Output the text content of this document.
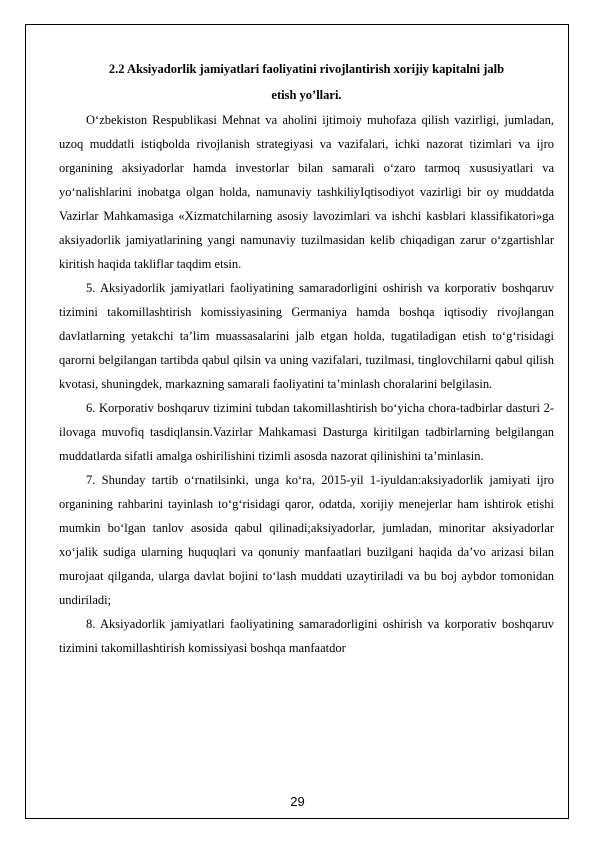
2.2 Aksiyadorlik jamiyatlari faoliyatini rivojlantirish xorijiy kapitalni jalb
etish yo’llari.

O‘zbekiston Respublikasi Mehnat va aholini ijtimoiy muhofaza qilish vazirligi, jumladan, uzoq muddatli istiqbolda rivojlanish strategiyasi va vazifalari, ichki nazorat tizimlari va ijro organining aksiyadorlar hamda investorlar bilan samarali o‘zaro tarmoq xususiyatlari va yo‘nalishlarini inobatga olgan holda, namunaviy tashkiliyIqtisodiyot vazirligi bir oy muddatda Vazirlar Mahkamasiga «Xizmatchilarning asosiy lavozimlari va ishchi kasblari klassifikatori»ga aksiyadorlik jamiyatlarining yangi namunaviy tuzilmasidan kelib chiqadigan zarur o‘zgartishlar kiritish haqida takliflar taqdim etsin.

5. Aksiyadorlik jamiyatlari faoliyatining samaradorligini oshirish va korporativ boshqaruv tizimini takomillashtirish komissiyasining Germaniya hamda boshqa iqtisodiy rivojlangan davlatlarning yetakchi ta’lim muassasalarini jalb etgan holda, tugatiladigan etish to‘g‘risidagi qarorni belgilangan tartibda qabul qilsin va uning vazifalari, tuzilmasi, tinglovchilarni qabul qilish kvotasi, shuningdek, markazning samarali faoliyatini ta’minlash choralarini belgilasin.

6. Korporativ boshqaruv tizimini tubdan takomillashtirish bo‘yicha chora-tadbirlar dasturi 2-ilovaga muvofiq tasdiqlansin.Vazirlar Mahkamasi Dasturga kiritilgan tadbirlarning belgilangan muddatlarda sifatli amalga oshirilishini tizimli asosda nazorat qilinishini ta’minlasin.

7. Shunday tartib o‘rnatilsinki, unga ko‘ra, 2015-yil 1-iyuldan:aksiyadorlik jamiyati ijro organining rahbarini tayinlash to‘g‘risidagi qaror, odatda, xorijiy menejerlar ham ishtirok etishi mumkin bo‘lgan tanlov asosida qabul qilinadi;aksiyadorlar, jumladan, minoritar aksiyadorlar xo‘jalik sudiga ularning huquqlari va qonuniy manfaatlari buzilgani haqida da’vo arizasi bilan murojaat qilganda, ularga davlat bojini to‘lash muddati uzaytiriladi va bu boj aybdor tomonidan undiriladi;

8. Aksiyadorlik jamiyatlari faoliyatining samaradorligini oshirish va korporativ boshqaruv tizimini takomillashtirish komissiyasi boshqa manfaatdor

29
